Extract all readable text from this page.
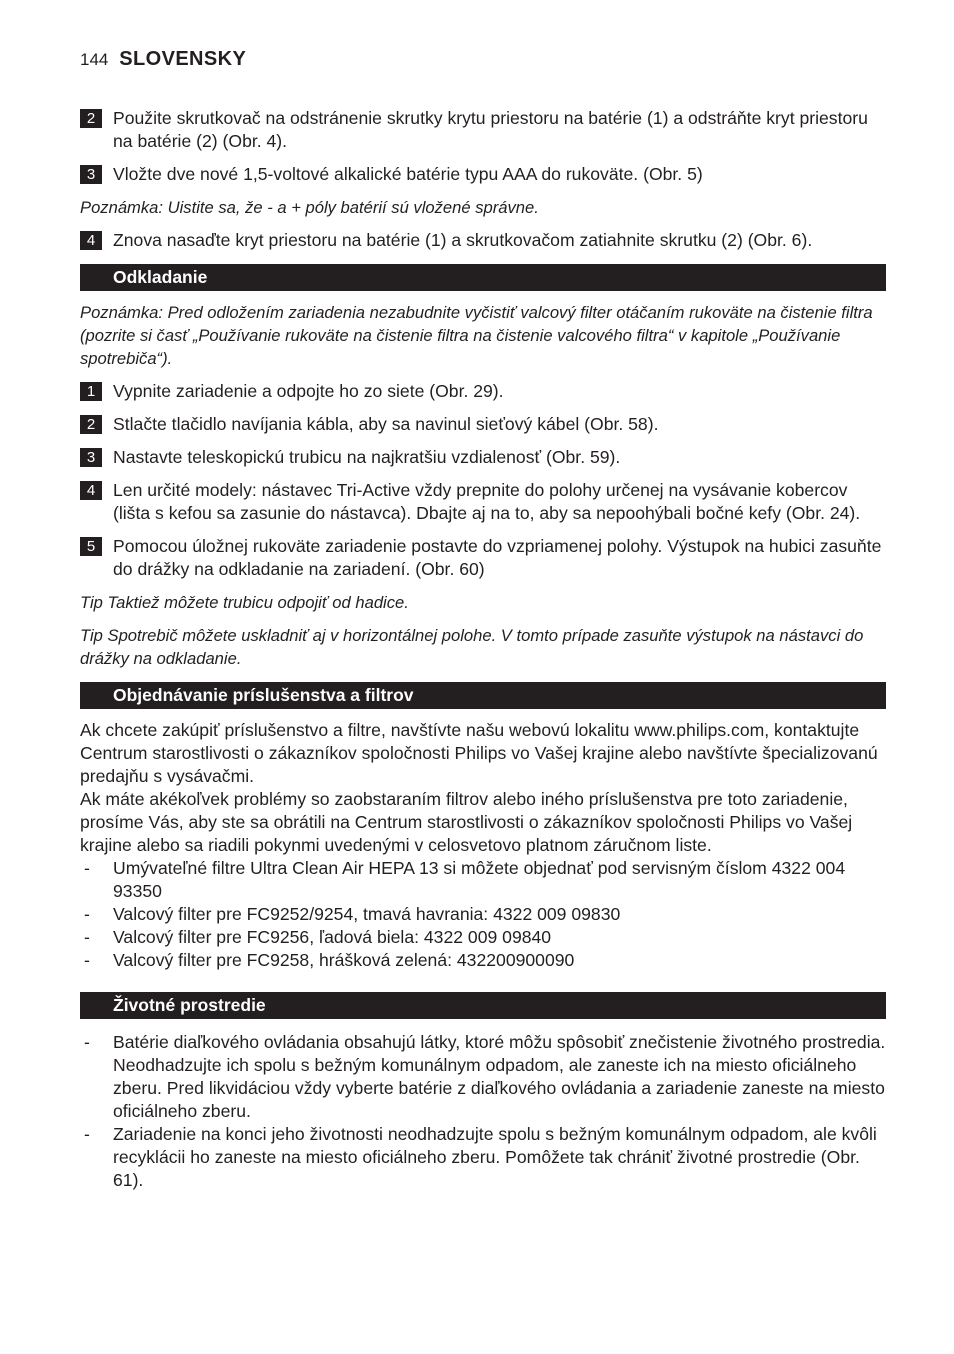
144 SLOVENSKY
2	Použite skrutkovač na odstránenie skrutky krytu priestoru na batérie (1) a odstráňte kryt priestoru na batérie (2) (Obr. 4).
3	Vložte dve nové 1,5-voltové alkalické batérie typu AAA do rukoväte. (Obr. 5)
Poznámka: Uistite sa, že - a + póly batérií sú vložené správne.
4	Znova nasaďte kryt priestoru na batérie (1) a skrutkovačom zatiahnite skrutku (2) (Obr. 6).
Odkladanie
Poznámka: Pred odložením zariadenia nezabudnite vyčistiť valcový filter otáčaním rukoväte na čistenie filtra (pozrite si časť „Používanie rukoväte na čistenie filtra na čistenie valcového filtra“ v kapitole „Používanie spotrebiča“).
1	Vypnite zariadenie a odpojte ho zo siete (Obr. 29).
2	Stlačte tlačidlo navíjania kábla, aby sa navinul sieťový kábel (Obr. 58).
3	Nastavte teleskopickú trubicu na najkratšiu vzdialenosť (Obr. 59).
4	Len určité modely: nástavec Tri-Active vždy prepnite do polohy určenej na vysávanie kobercov (lišta s kefou sa zasunie do nástavca). Dbajte aj na to, aby sa nepoohýbali bočné kefy (Obr. 24).
5	Pomocou úložnej rukoväte zariadenie postavte do vzpriamenej polohy. Výstupok na hubici zasuňte do drážky na odkladanie na zariadení. (Obr. 60)
Tip Taktiež môžete trubicu odpojiť od hadice.
Tip Spotrebič môžete uskladniť aj v horizontálnej polohe. V tomto prípade zasuňte výstupok na nástavci do drážky na odkladanie.
Objednávanie príslušenstva a filtrov

Ak chcete zakúpiť príslušenstvo a filtre, navštívte našu webovú lokalitu www.philips.com, kontaktujte Centrum starostlivosti o zákazníkov spoločnosti Philips vo Vašej krajine alebo navštívte špecializovanú predajňu s vysávačmi.

Ak máte akékoľvek problémy so zaobstaraním filtrov alebo iného príslušenstva pre toto zariadenie, prosíme Vás, aby ste sa obrátili na Centrum starostlivosti o zákazníkov spoločnosti Philips vo Vašej krajine alebo sa riadili pokynmi uvedenými v celosvetovo platnom záručnom liste.

- Umývateľné filtre Ultra Clean Air HEPA 13 si môžete objednať pod servisným číslom 4322 004 93350
- Valcový filter pre FC9252/9254, tmavá havrania: 4322 009 09830
- Valcový filter pre FC9256, ľadová biela: 4322 009 09840
- Valcový filter pre FC9258, hrášková zelená: 432200900090
Životné prostredie
- Batérie diaľkového ovládania obsahujú látky, ktoré môžu spôsobiť znečistenie životného prostredia. Neodhadzujte ich spolu s bežným komunálnym odpadom, ale zaneste ich na miesto oficiálneho zberu. Pred likvidáciou vždy vyberte batérie z diaľkového ovládania a zariadenie zaneste na miesto oficiálneho zberu.
- Zariadenie na konci jeho životnosti neodhadzujte spolu s bežným komunálnym odpadom, ale kvôli recyklácii ho zaneste na miesto oficiálneho zberu. Pomôžete tak chrániť životné prostredie (Obr. 61).
